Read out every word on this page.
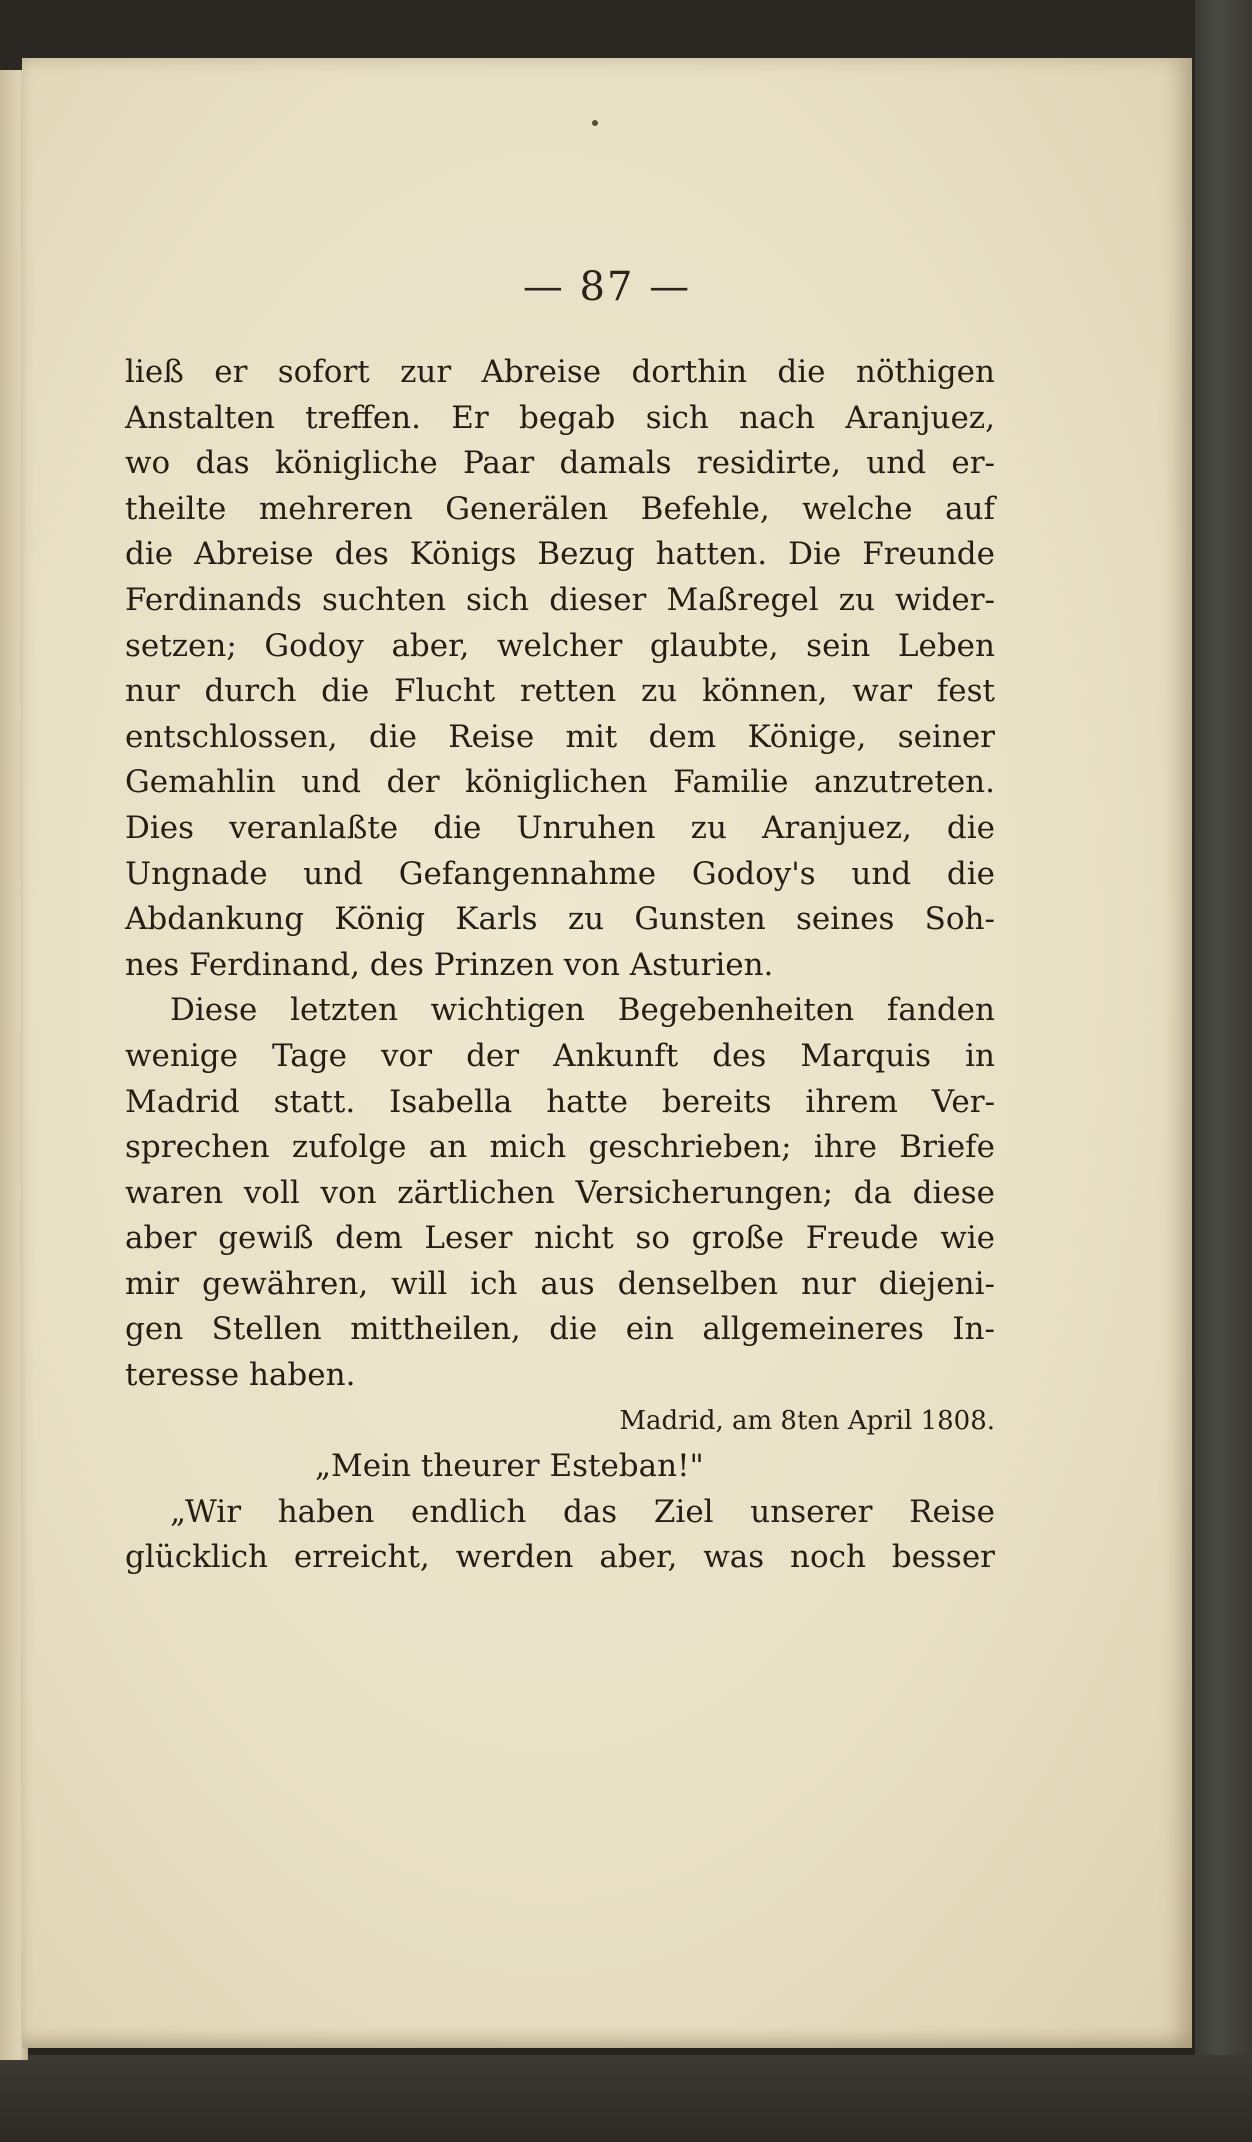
— 87 —
ließ er sofort zur Abreise dorthin die nöthigen
Anstalten treffen. Er begab sich nach Aranjuez,
wo das königliche Paar damals residirte, und er-
theilte mehreren Generälen Befehle, welche auf
die Abreise des Königs Bezug hatten. Die Freunde
Ferdinands suchten sich dieser Maßregel zu wider-
setzen; Godoy aber, welcher glaubte, sein Leben
nur durch die Flucht retten zu können, war fest
entschlossen, die Reise mit dem Könige, seiner
Gemahlin und der königlichen Familie anzutreten.
Dies veranlaßte die Unruhen zu Aranjuez, die
Ungnade und Gefangennahme Godoy's und die
Abdankung König Karls zu Gunsten seines Soh-
nes Ferdinand, des Prinzen von Asturien.
Diese letzten wichtigen Begebenheiten fanden
wenige Tage vor der Ankunft des Marquis in
Madrid statt. Isabella hatte bereits ihrem Ver-
sprechen zufolge an mich geschrieben; ihre Briefe
waren voll von zärtlichen Versicherungen; da diese
aber gewiß dem Leser nicht so große Freude wie
mir gewähren, will ich aus denselben nur diejeni-
gen Stellen mittheilen, die ein allgemeineres In-
teresse haben.
Madrid, am 8ten April 1808.
„Mein theurer Esteban!"
„Wir haben endlich das Ziel unserer Reise
glücklich erreicht, werden aber, was noch besser
